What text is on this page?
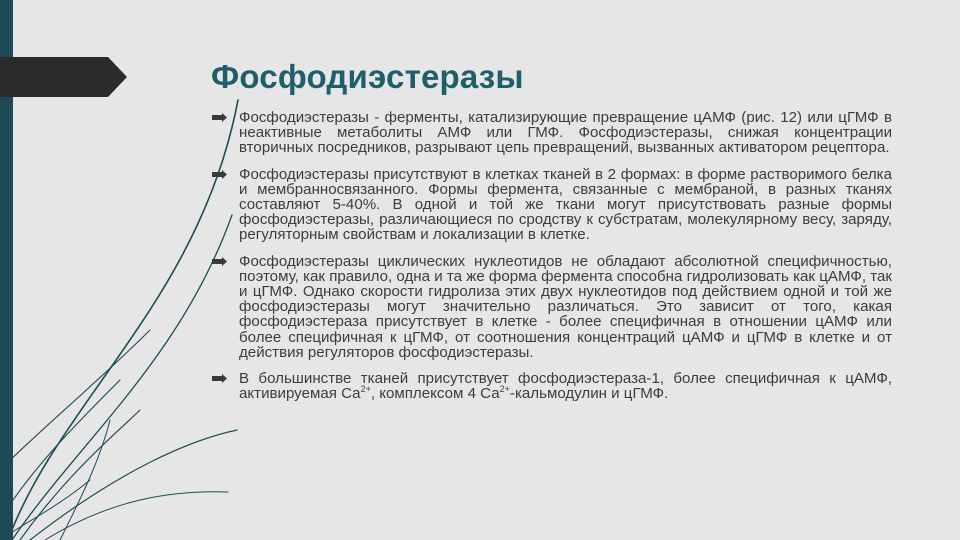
Фосфодиэстеразы
Фосфодиэстеразы - ферменты, катализирующие превращение цАМФ (рис. 12) или цГМФ в неактивные метаболиты АМФ или ГМФ. Фосфодиэстеразы, снижая концентрации вторичных посредников, разрывают цепь превращений, вызванных активатором рецептора.
Фосфодиэстеразы присутствуют в клетках тканей в 2 формах: в форме растворимого белка и мембранносвязанного. Формы фермента, связанные с мембраной, в разных тканях составляют 5-40%. В одной и той же ткани могут присутствовать разные формы фосфодиэстеразы, различающиеся по сродству к субстратам, молекулярному весу, заряду, регуляторным свойствам и локализации в клетке.
Фосфодиэстеразы циклических нуклеотидов не обладают абсолютной специфичностью, поэтому, как правило, одна и та же форма фермента способна гидролизовать как цАМФ, так и цГМФ. Однако скорости гидролиза этих двух нуклеотидов под действием одной и той же фосфодиэстеразы могут значительно различаться. Это зависит от того, какая фосфодиэстераза присутствует в клетке - более специфичная в отношении цАМФ или более специфичная к цГМФ, от соотношения концентраций цАМФ и цГМФ в клетке и от действия регуляторов фосфодиэстеразы.
В большинстве тканей присутствует фосфодиэстераза-1, более специфичная к цАМФ, активируемая $Са^{2+}$, комплексом 4 $Са^{2+}$-кальмодулин и цГМФ.
